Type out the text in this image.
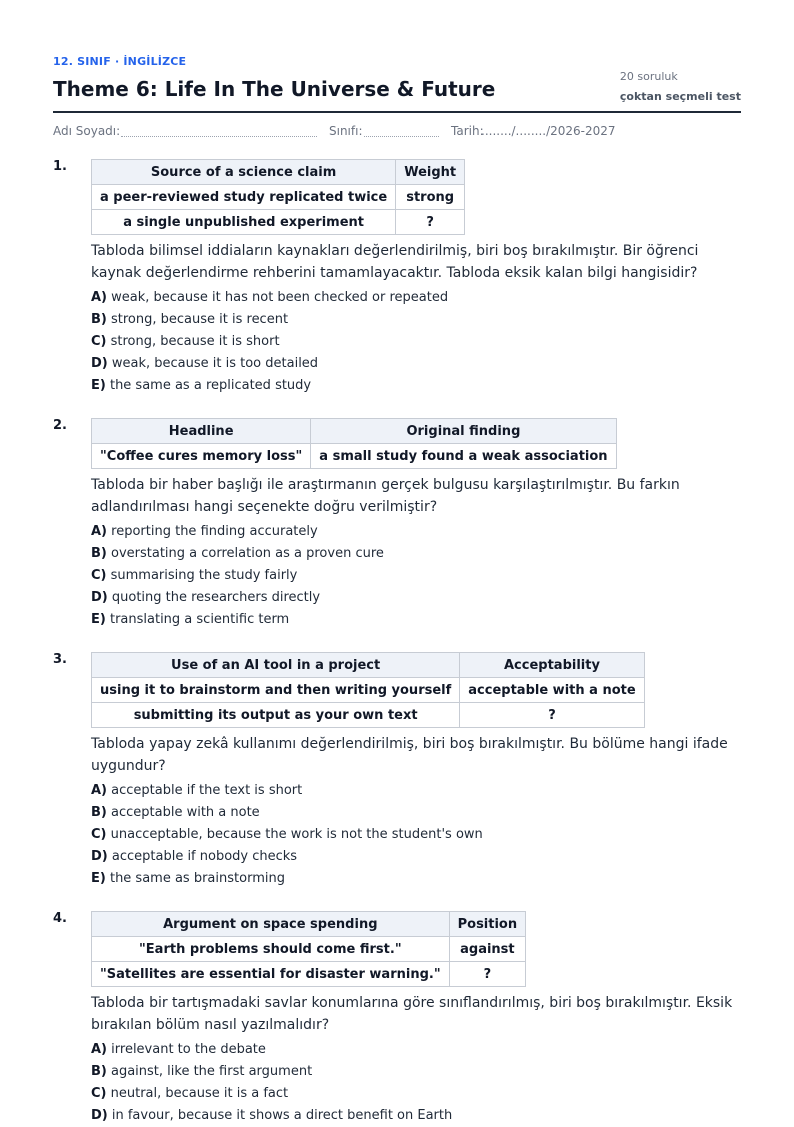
12. SINIF · İNGİLİZCE
Theme 6: Life In The Universe & Future
20 soruluk
çoktan seçmeli test
Adı Soyadı:	Sınıfı:	Tarih:
......../......../2026-2027
1.	Source of a science claim	Weight
a peer-reviewed study replicated twice	strong
a single unpublished experiment	?
Tabloda bilimsel iddiaların kaynakları değerlendirilmiş, biri boş bırakılmıştır. Bir öğrenci kaynak değerlendirme rehberini tamamlayacaktır. Tabloda eksik kalan bilgi hangisidir?
A) weak, because it has not been checked or repeated
B) strong, because it is recent
C) strong, because it is short
D) weak, because it is too detailed
E) the same as a replicated study
2.	Headline	Original finding
"Coffee cures memory loss"	a small study found a weak association
Tabloda bir haber başlığı ile araştırmanın gerçek bulgusu karşılaştırılmıştır. Bu farkın adlandırılması hangi seçenekte doğru verilmiştir?
A) reporting the finding accurately
B) overstating a correlation as a proven cure
C) summarising the study fairly
D) quoting the researchers directly
E) translating a scientific term
3.	Use of an AI tool in a project	Acceptability
using it to brainstorm and then writing yourself	acceptable with a note
submitting its output as your own text	?
Tabloda yapay zekâ kullanımı değerlendirilmiş, biri boş bırakılmıştır. Bu bölüme hangi ifade uygundur?
A) acceptable if the text is short
B) acceptable with a note
C) unacceptable, because the work is not the student's own
D) acceptable if nobody checks
E) the same as brainstorming
4.	Argument on space spending	Position
"Earth problems should come first."	against
"Satellites are essential for disaster warning."	?
Tabloda bir tartışmadaki savlar konumlarına göre sınıflandırılmış, biri boş bırakılmıştır. Eksik bırakılan bölüm nasıl yazılmalıdır?
A) irrelevant to the debate
B) against, like the first argument
C) neutral, because it is a fact
D) in favour, because it shows a direct benefit on Earth
